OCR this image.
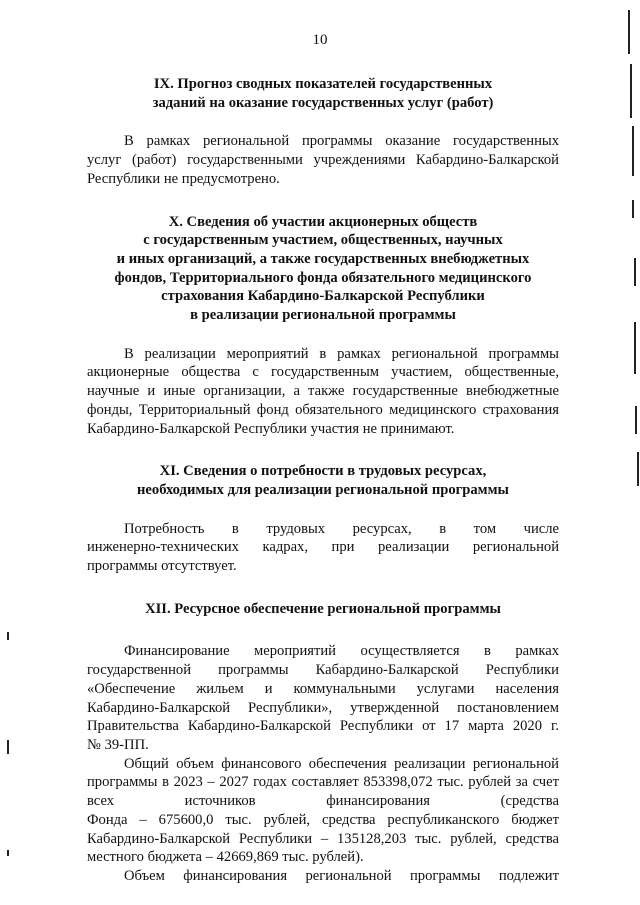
10
IX. Прогноз сводных показателей государственных
заданий на оказание государственных услуг (работ)

В рамках региональной программы оказание государственных
услуг (работ) государственными учреждениями Кабардино-Балкарской
Республики не предусмотрено.

X. Сведения об участии акционерных обществ
с государственным участием, общественных, научных
и иных организаций, а также государственных внебюджетных
фондов, Территориального фонда обязательного медицинского
страхования Кабардино-Балкарской Республики
в реализации региональной программы

В реализации мероприятий в рамках региональной программы
акционерные общества с государственным участием, общественные,
научные и иные организации, а также государственные внебюджетные
фонды, Территориальный фонд обязательного медицинского страхования
Кабардино-Балкарской Республики участия не принимают.

XI. Сведения о потребности в трудовых ресурсах,
необходимых для реализации региональной программы

Потребность в трудовых ресурсах, в том числе
инженерно-технических кадрах, при реализации региональной
программы отсутствует.

XII. Ресурсное обеспечение региональной программы

Финансирование мероприятий осуществляется в рамках
государственной программы Кабардино-Балкарской Республики
«Обеспечение жильем и коммунальными услугами населения
Кабардино-Балкарской Республики», утвержденной постановлением
Правительства Кабардино-Балкарской Республики от 17 марта 2020 г.
№ 39-ПП.

Общий объем финансового обеспечения реализации региональной
программы в 2023 – 2027 годах составляет 853398,072 тыс. рублей за счет
всех источников финансирования (средства
Фонда – 675600,0 тыс. рублей, средства республиканского бюджет
Кабардино-Балкарской Республики – 135128,203 тыс. рублей, средства
местного бюджета – 42669,869 тыс. рублей).

Объем финансирования региональной программы подлежит
